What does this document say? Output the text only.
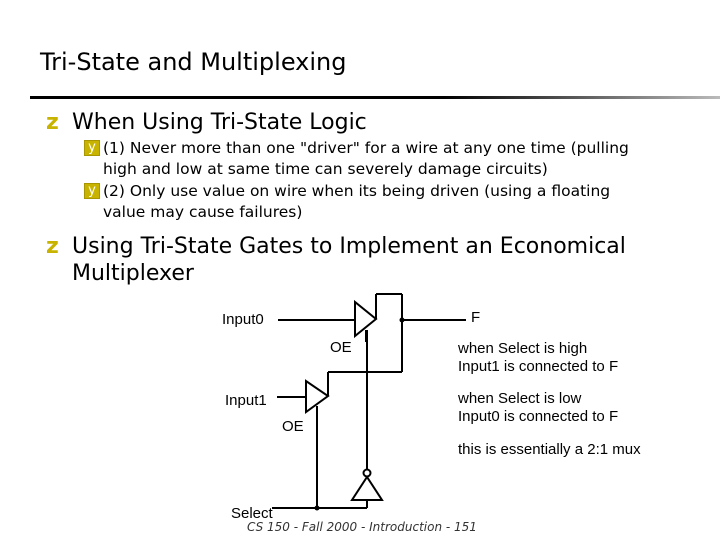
Tri-State and Multiplexing
z When Using Tri-State Logic
y (1) Never more than one "driver" for a wire at any one time (pulling
high and low at same time can severely damage circuits)
y (2) Only use value on wire when its being driven (using a floating
value may cause failures)
z Using Tri-State Gates to Implement an Economical
Multiplexer
Input0	F
OE	when Select is high
Input1 is connected to F
Input1	when Select is low
Input0 is connected to F
OE
this is essentially a 2:1 mux
Select
CS 150 - Fall 2000 - Introduction - 151
